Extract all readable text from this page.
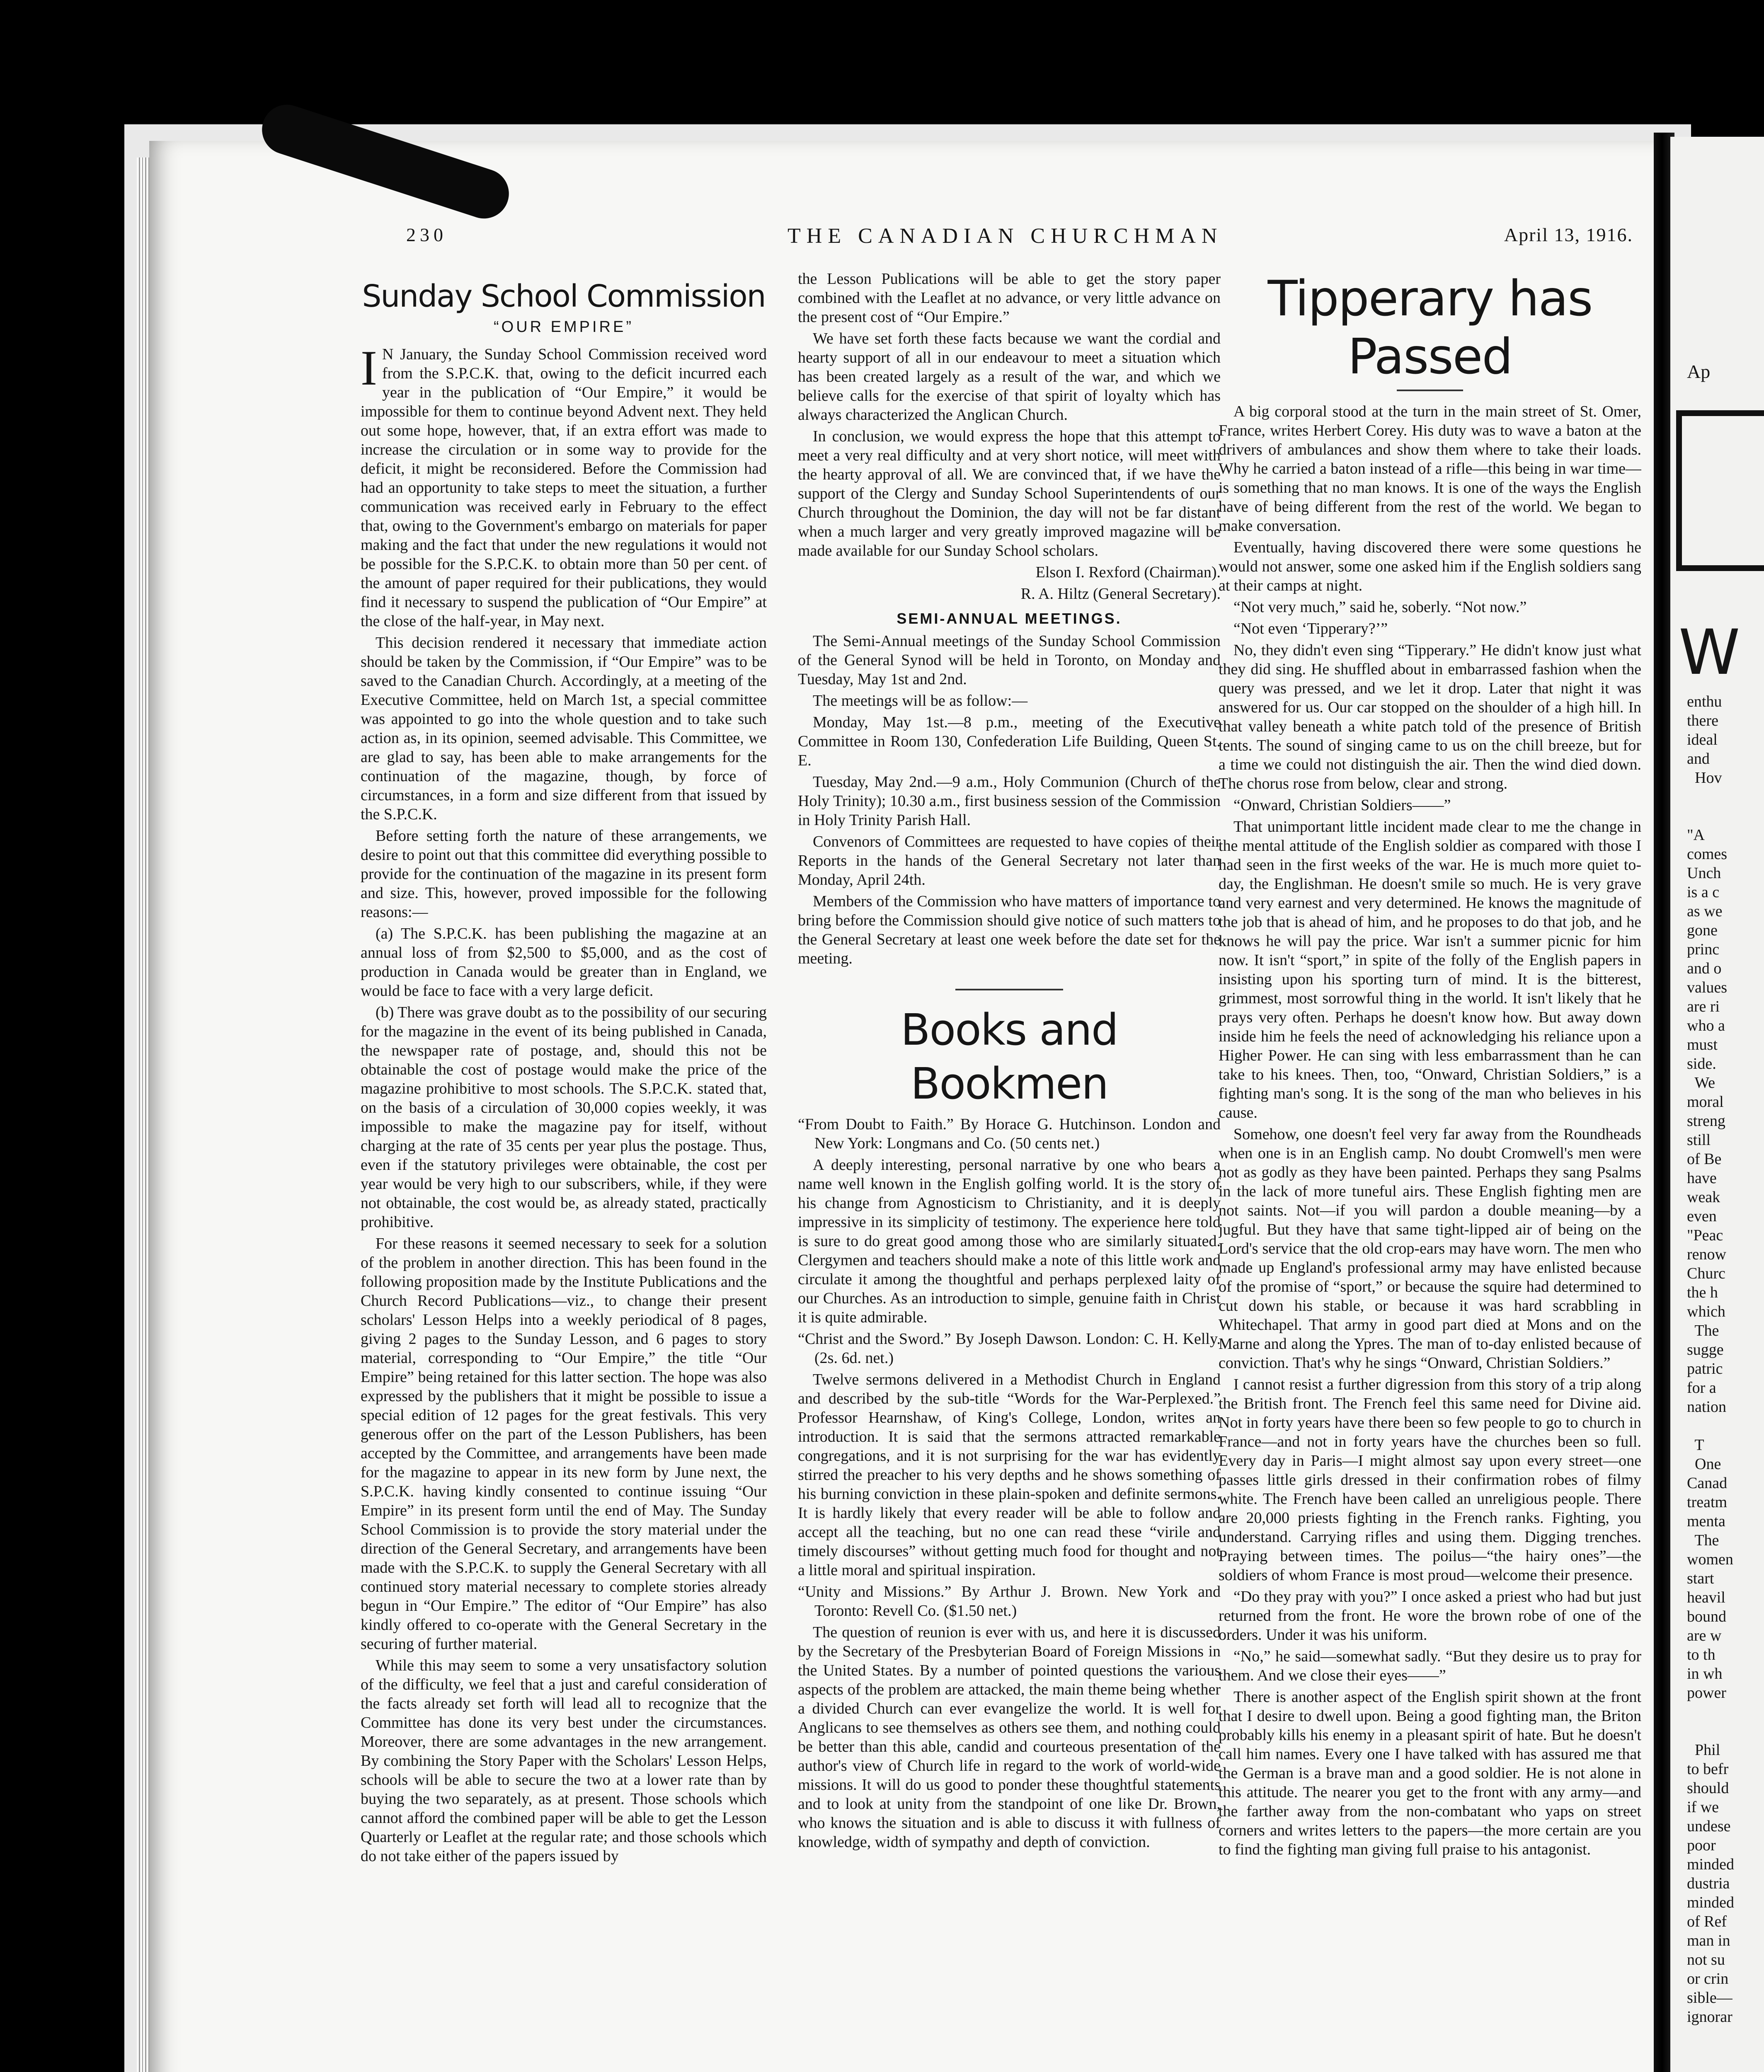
230	THE CANADIAN CHURCHMAN	April 13, 1916.
Sunday School Commission
“OUR EMPIRE”

I N January, the Sunday School Commission received word from the S.P.C.K. that, owing to the deficit incurred each year in the publication of “Our Empire,” it would be impossible for them to continue beyond Advent next. They held out some hope, however, that, if an extra effort was made to increase the circulation or in some way to provide for the deficit, it might be reconsidered. Before the Commission had had an opportunity to take steps to meet the situation, a further communication was received early in February to the effect that, owing to the Government's embargo on materials for paper making and the fact that under the new regulations it would not be possible for the S.P.C.K. to obtain more than 50 per cent. of the amount of paper required for their publications, they would find it necessary to suspend the publication of “Our Empire” at the close of the half-year, in May next.

This decision rendered it necessary that immediate action should be taken by the Commission, if “Our Empire” was to be saved to the Canadian Church. Accordingly, at a meeting of the Executive Committee, held on March 1st, a special committee was appointed to go into the whole question and to take such action as, in its opinion, seemed advisable. This Committee, we are glad to say, has been able to make arrangements for the continuation of the magazine, though, by force of circumstances, in a form and size different from that issued by the S.P.C.K.

Before setting forth the nature of these arrangements, we desire to point out that this committee did everything possible to provide for the continuation of the magazine in its present form and size. This, however, proved impossible for the following reasons:—

(a) The S.P.C.K. has been publishing the magazine at an annual loss of from $2,500 to $5,000, and as the cost of production in Canada would be greater than in England, we would be face to face with a very large deficit.

(b) There was grave doubt as to the possibility of our securing for the magazine in the event of its being published in Canada, the newspaper rate of postage, and, should this not be obtainable the cost of postage would make the price of the magazine prohibitive to most schools. The S.P.C.K. stated that, on the basis of a circulation of 30,000 copies weekly, it was impossible to make the magazine pay for itself, without charging at the rate of 35 cents per year plus the postage. Thus, even if the statutory privileges were obtainable, the cost per year would be very high to our subscribers, while, if they were not obtainable, the cost would be, as already stated, practically prohibitive.

For these reasons it seemed necessary to seek for a solution of the problem in another direction. This has been found in the following proposition made by the Institute Publications and the Church Record Publications—viz., to change their present scholars' Lesson Helps into a weekly periodical of 8 pages, giving 2 pages to the Sunday Lesson, and 6 pages to story material, corresponding to “Our Empire,” the title “Our Empire” being retained for this latter section. The hope was also expressed by the publishers that it might be possible to issue a special edition of 12 pages for the great festivals. This very generous offer on the part of the Lesson Publishers, has been accepted by the Committee, and arrangements have been made for the magazine to appear in its new form by June next, the S.P.C.K. having kindly consented to continue issuing “Our Empire” in its present form until the end of May. The Sunday School Commission is to provide the story material under the direction of the General Secretary, and arrangements have been made with the S.P.C.K. to supply the General Secretary with all continued story material necessary to complete stories already begun in “Our Empire.” The editor of “Our Empire” has also kindly offered to co-operate with the General Secretary in the securing of further material.

While this may seem to some a very unsatisfactory solution of the difficulty, we feel that a just and careful consideration of the facts already set forth will lead all to recognize that the Committee has done its very best under the circumstances. Moreover, there are some advantages in the new arrangement. By combining the Story Paper with the Scholars' Lesson Helps, schools will be able to secure the two at a lower rate than by buying the two separately, as at present. Those schools which cannot afford the combined paper will be able to get the Lesson Quarterly or Leaflet at the regular rate; and those schools which do not take either of the papers issued by

the Lesson Publications will be able to get the story paper combined with the Leaflet at no advance, or very little advance on the present cost of “Our Empire.”

We have set forth these facts because we want the cordial and hearty support of all in our endeavour to meet a situation which has been created largely as a result of the war, and which we believe calls for the exercise of that spirit of loyalty which has always characterized the Anglican Church.

In conclusion, we would express the hope that this attempt to meet a very real difficulty and at very short notice, will meet with the hearty approval of all. We are convinced that, if we have the support of the Clergy and Sunday School Superintendents of our Church throughout the Dominion, the day will not be far distant when a much larger and very greatly improved magazine will be made available for our Sunday School scholars.

Elson I. Rexford (Chairman).

R. A. Hiltz (General Secretary).

SEMI-ANNUAL MEETINGS.

The Semi-Annual meetings of the Sunday School Commission of the General Synod will be held in Toronto, on Monday and Tuesday, May 1st and 2nd.

The meetings will be as follow:—

Monday, May 1st.—8 p.m., meeting of the Executive Committee in Room 130, Confederation Life Building, Queen St. E.

Tuesday, May 2nd.—9 a.m., Holy Communion (Church of the Holy Trinity); 10.30 a.m., first business session of the Commission in Holy Trinity Parish Hall.

Convenors of Committees are requested to have copies of their Reports in the hands of the General Secretary not later than Monday, April 24th.

Members of the Commission who have matters of importance to bring before the Commission should give notice of such matters to the General Secretary at least one week before the date set for the meeting.

Books and Bookmen

“From Doubt to Faith.” By Horace G. Hutchinson. London and New York: Longmans and Co. (50 cents net.)

A deeply interesting, personal narrative by one who bears a name well known in the English golfing world. It is the story of his change from Agnosticism to Christianity, and it is deeply impressive in its simplicity of testimony. The experience here told is sure to do great good among those who are similarly situated. Clergymen and teachers should make a note of this little work and circulate it among the thoughtful and perhaps perplexed laity of our Churches. As an introduction to simple, genuine faith in Christ it is quite admirable.

“Christ and the Sword.” By Joseph Dawson. London: C. H. Kelly. (2s. 6d. net.)

Twelve sermons delivered in a Methodist Church in England and described by the sub-title “Words for the War-Perplexed.” Professor Hearnshaw, of King's College, London, writes an introduction. It is said that the sermons attracted remarkable congregations, and it is not surprising for the war has evidently stirred the preacher to his very depths and he shows something of his burning conviction in these plain-spoken and definite sermons. It is hardly likely that every reader will be able to follow and accept all the teaching, but no one can read these “virile and timely discourses” without getting much food for thought and not a little moral and spiritual inspiration.

“Unity and Missions.” By Arthur J. Brown. New York and Toronto: Revell Co. ($1.50 net.)

The question of reunion is ever with us, and here it is discussed by the Secretary of the Presbyterian Board of Foreign Missions in the United States. By a number of pointed questions the various aspects of the problem are attacked, the main theme being whether a divided Church can ever evangelize the world. It is well for Anglicans to see themselves as others see them, and nothing could be better than this able, candid and courteous presentation of the author's view of Church life in regard to the work of world-wide missions. It will do us good to ponder these thoughtful statements and to look at unity from the standpoint of one like Dr. Brown, who knows the situation and is able to discuss it with fullness of knowledge, width of sympathy and depth of conviction.

Tipperary has Passed

A big corporal stood at the turn in the main street of St. Omer, France, writes Herbert Corey. His duty was to wave a baton at the drivers of ambulances and show them where to take their loads. Why he carried a baton instead of a rifle—this being in war time—is something that no man knows. It is one of the ways the English have of being different from the rest of the world. We began to make conversation.

Eventually, having discovered there were some questions he would not answer, some one asked him if the English soldiers sang at their camps at night.

“Not very much,” said he, soberly. “Not now.”

“Not even ‘Tipperary?’”

No, they didn't even sing “Tipperary.” He didn't know just what they did sing. He shuffled about in embarrassed fashion when the query was pressed, and we let it drop. Later that night it was answered for us. Our car stopped on the shoulder of a high hill. In that valley beneath a white patch told of the presence of British tents. The sound of singing came to us on the chill breeze, but for a time we could not distinguish the air. Then the wind died down. The chorus rose from below, clear and strong.

“Onward, Christian Soldiers——”

That unimportant little incident made clear to me the change in the mental attitude of the English soldier as compared with those I had seen in the first weeks of the war. He is much more quiet to-day, the Englishman. He doesn't smile so much. He is very grave and very earnest and very determined. He knows the magnitude of the job that is ahead of him, and he proposes to do that job, and he knows he will pay the price. War isn't a summer picnic for him now. It isn't “sport,” in spite of the folly of the English papers in insisting upon his sporting turn of mind. It is the bitterest, grimmest, most sorrowful thing in the world. It isn't likely that he prays very often. Perhaps he doesn't know how. But away down inside him he feels the need of acknowledging his reliance upon a Higher Power. He can sing with less embarrassment than he can take to his knees. Then, too, “Onward, Christian Soldiers,” is a fighting man's song. It is the song of the man who believes in his cause.

Somehow, one doesn't feel very far away from the Roundheads when one is in an English camp. No doubt Cromwell's men were not as godly as they have been painted. Perhaps they sang Psalms in the lack of more tuneful airs. These English fighting men are not saints. Not—if you will pardon a double meaning—by a jugful. But they have that same tight-lipped air of being on the Lord's service that the old crop-ears may have worn. The men who made up England's professional army may have enlisted because of the promise of “sport,” or because the squire had determined to cut down his stable, or because it was hard scrabbling in Whitechapel. That army in good part died at Mons and on the Marne and along the Ypres. The man of to-day enlisted because of conviction. That's why he sings “Onward, Christian Soldiers.”

I cannot resist a further digression from this story of a trip along the British front. The French feel this same need for Divine aid. Not in forty years have there been so few people to go to church in France—and not in forty years have the churches been so full. Every day in Paris—I might almost say upon every street—one passes little girls dressed in their confirmation robes of filmy white. The French have been called an unreligious people. There are 20,000 priests fighting in the French ranks. Fighting, you understand. Carrying rifles and using them. Digging trenches. Praying between times. The poilus—“the hairy ones”—the soldiers of whom France is most proud—welcome their presence.

“Do they pray with you?” I once asked a priest who had but just returned from the front. He wore the brown robe of one of the orders. Under it was his uniform.

“No,” he said—somewhat sadly. “But they desire us to pray for them. And we close their eyes——”

There is another aspect of the English spirit shown at the front that I desire to dwell upon. Being a good fighting man, the Briton probably kills his enemy in a pleasant spirit of hate. But he doesn't call him names. Every one I have talked with has assured me that the German is a brave man and a good soldier. He is not alone in this attitude. The nearer you get to the front with any army—and the farther away from the non-combatant who yaps on street corners and writes letters to the papers—the more certain are you to find the fighting man giving full praise to his antagonist.

Ap
W
enthu
there
ideal
and
Hov

"A
comes
Unch
is a c
as we
gone
princ
and o
values
are ri
who a
must
side.
We
moral
streng
still
of Be
have
weak
even
"Peac
renow
Churc
the h
which
The
sugge
patric
for a
nation

T
One
Canad
treatm
menta
The
women
start
heavil
bound
are w
to th
in wh
power

Phil
to befr
should
if we
undese
poor
minded
dustria
minded
of Ref
man in
not su
or crin
sible—
ignorar
